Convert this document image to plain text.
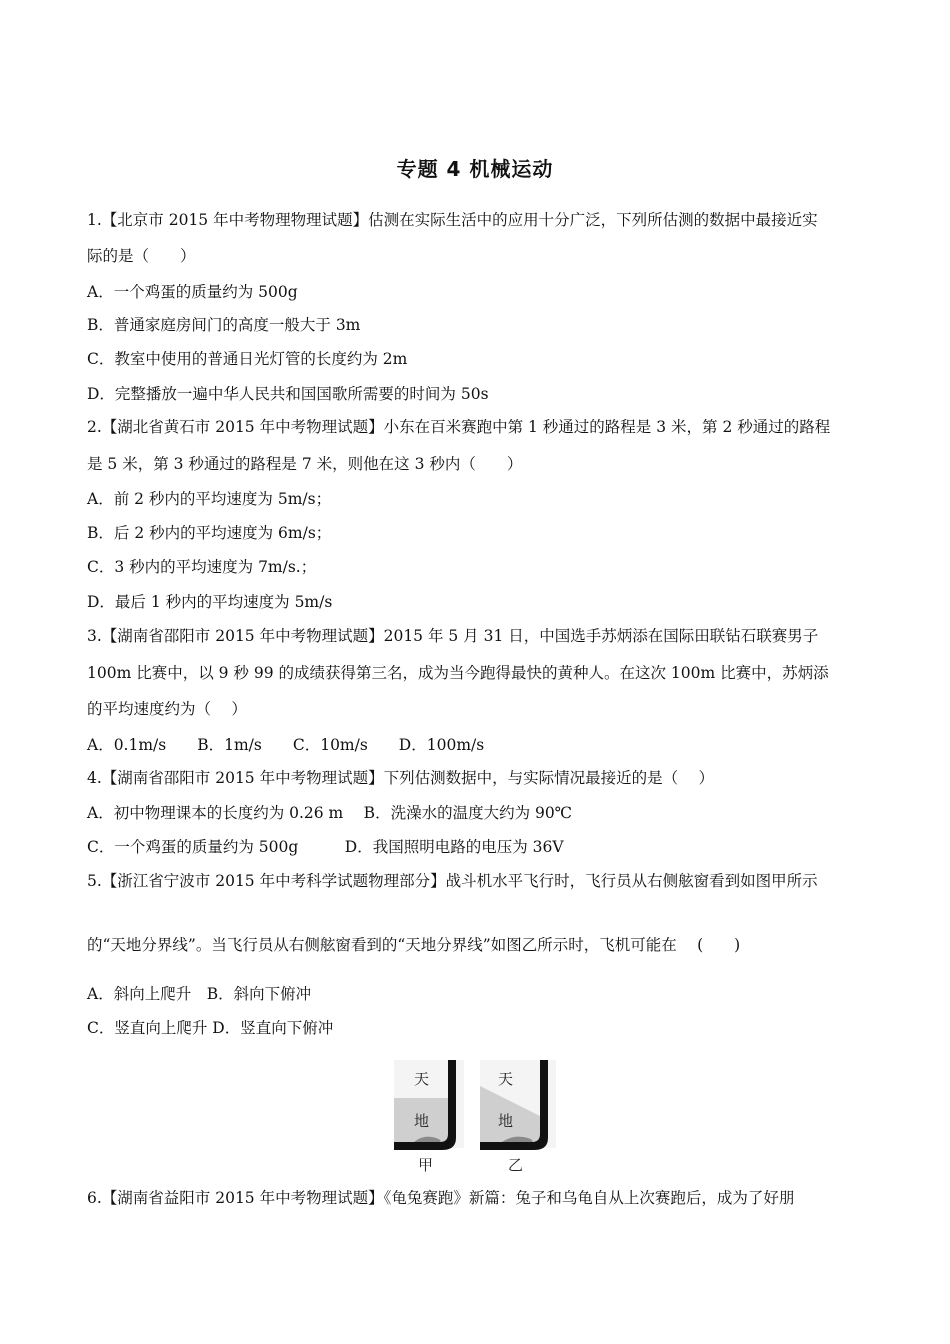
专题 4 机械运动
1.【北京市 2015 年中考物理物理试题】估测在实际生活中的应用十分广泛，下列所估测的数据中最接近实
际的是（　　）
A．一个鸡蛋的质量约为 500g
B．普通家庭房间门的高度一般大于 3m
C．教室中使用的普通日光灯管的长度约为 2m
D．完整播放一遍中华人民共和国国歌所需要的时间为 50s
2.【湖北省黄石市 2015 年中考物理试题】小东在百米赛跑中第 1 秒通过的路程是 3 米，第 2 秒通过的路程
是 5 米，第 3 秒通过的路程是 7 米，则他在这 3 秒内（　　）
A．前 2 秒内的平均速度为 5m/s；
B．后 2 秒内的平均速度为 6m/s；
C．3 秒内的平均速度为 7m/s.；
D．最后 1 秒内的平均速度为 5m/s
3.【湖南省邵阳市 2015 年中考物理试题】2015 年 5 月 31 日，中国选手苏炳添在国际田联钻石联赛男子
100m 比赛中，以 9 秒 99 的成绩获得第三名，成为当今跑得最快的黄种人。在这次 100m 比赛中，苏炳添
的平均速度约为（　 ）
A．0.1m/s　　B．1m/s　　C．10m/s　　D．100m/s
4.【湖南省邵阳市 2015 年中考物理试题】下列估测数据中，与实际情况最接近的是（　 ）
A．初中物理课本的长度约为 0.26 m　 B．洗澡水的温度大约为 90℃
C．一个鸡蛋的质量约为 500g　　　D．我国照明电路的电压为 36V
5.【浙江省宁波市 2015 年中考科学试题物理部分】战斗机水平飞行时，飞行员从右侧舷窗看到如图甲所示
的“天地分界线”。当飞行员从右侧舷窗看到的“天地分界线”如图乙所示时，飞机可能在　 (　　)
A．斜向上爬升　B．斜向下俯冲
C．竖直向上爬升 D．竖直向下俯冲
天
地
天
地
甲	乙
6.【湖南省益阳市 2015 年中考物理试题】《龟兔赛跑》新篇：兔子和乌龟自从上次赛跑后，成为了好朋
